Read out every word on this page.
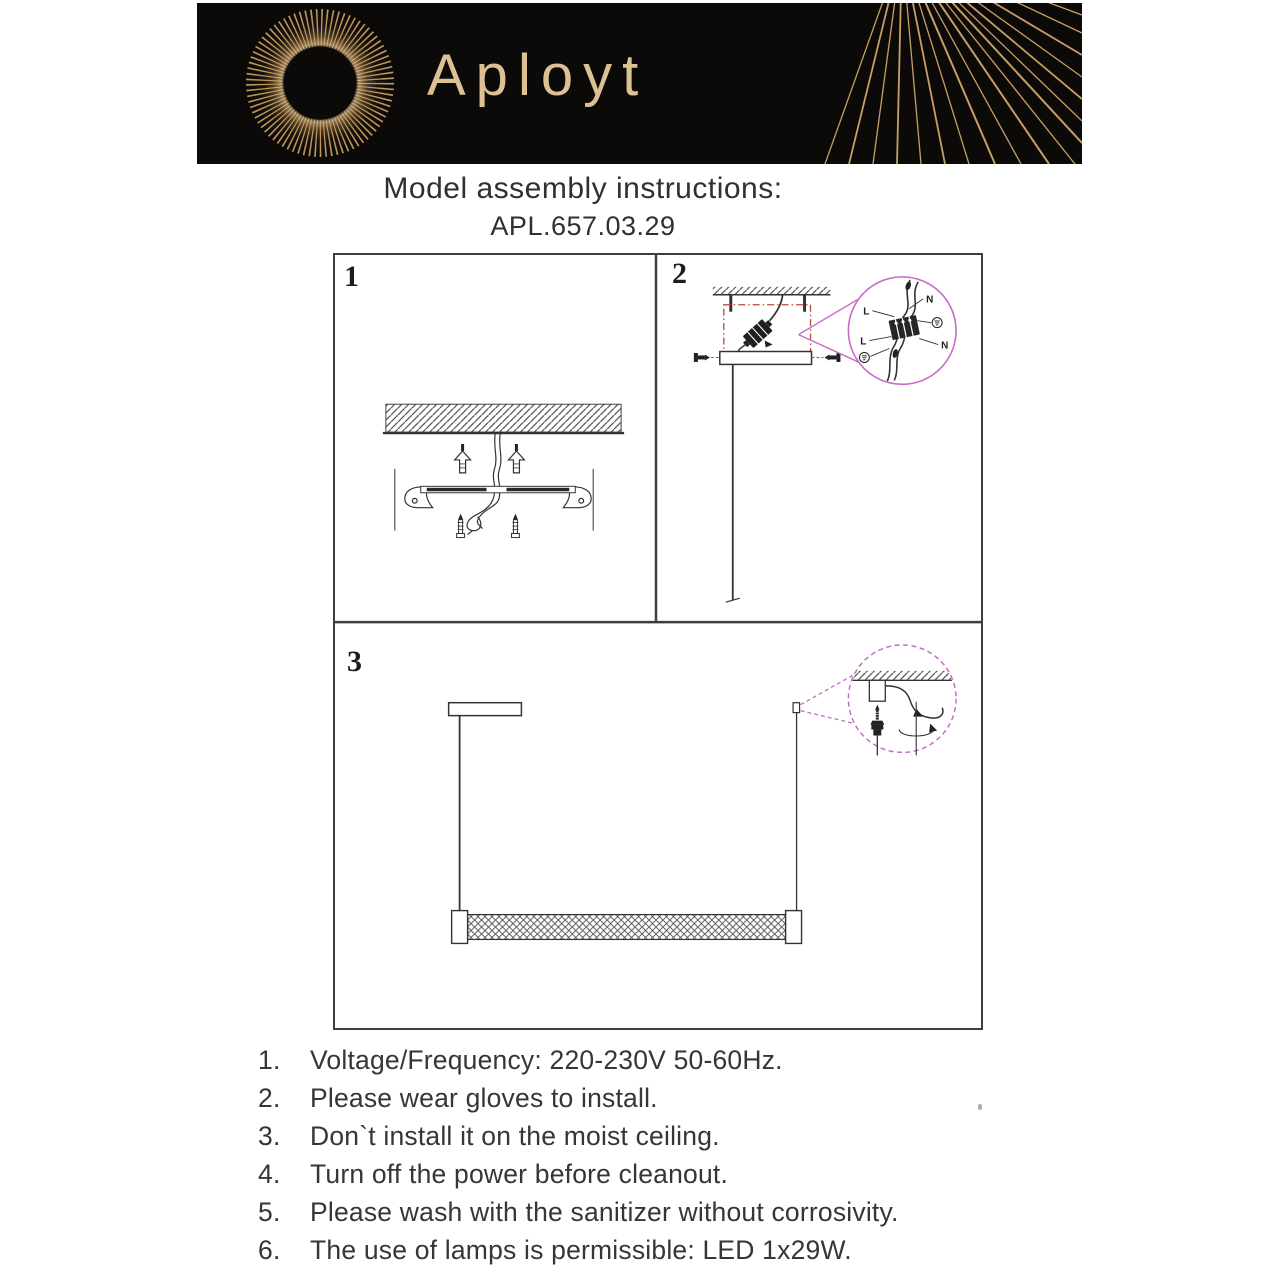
Aployt
Model assembly instructions:
APL.657.03.29
L
N
L	N
1	2
3
1.	Voltage/Frequency: 220-230V 50-60Hz.
2.	Please wear gloves to install.
3.	Don`t install it on the moist ceiling.
4.	Turn off the power before cleanout.
5.	Please wash with the sanitizer without corrosivity.
6.	The use of lamps is permissible: LED 1x29W.
